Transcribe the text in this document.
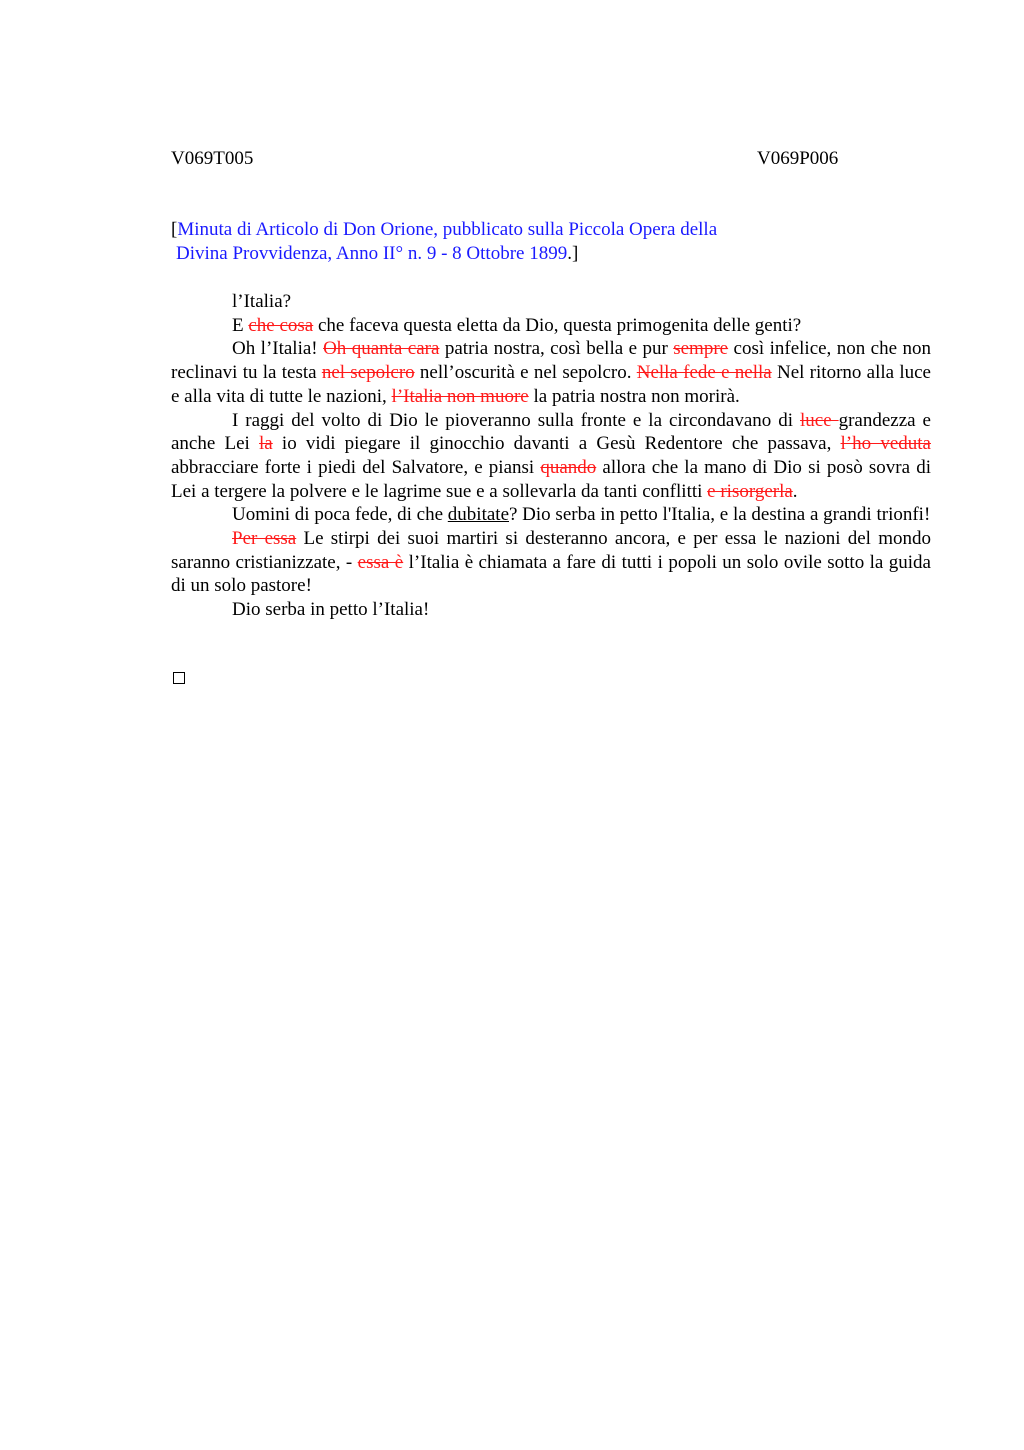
V069T005	V069P006
[Minuta di Articolo di Don Orione, pubblicato sulla Piccola Opera della
Divina Provvidenza, Anno II° n. 9 - 8 Ottobre 1899.]

l’Italia?

E che cosa che faceva questa eletta da Dio, questa primogenita delle genti?

Oh l’Italia! Oh quanta cara patria nostra, così bella e pur sempre così infelice, non che non reclinavi tu la testa nel sepolcro nell’oscurità e nel sepolcro. Nella fede e nella Nel ritorno alla luce e alla vita di tutte le nazioni, l’Italia non muore la patria nostra non morirà.

I raggi del volto di Dio le pioveranno sulla fronte e la circondavano di luce grandezza e anche Lei la io vidi piegare il ginocchio davanti a Gesù Redentore che passava, l’ho veduta abbracciare forte i piedi del Salvatore, e piansi quando allora che la mano di Dio si posò sovra di Lei a tergere la polvere e le lagrime sue e a sollevarla da tanti conflitti e risorgerla.

Uomini di poca fede, di che dubitate? Dio serba in petto l'Italia, e la destina a grandi trionfi!

Per essa Le stirpi dei suoi martiri si desteranno ancora, e per essa le nazioni del mondo saranno cristianizzate, - essa è l’Italia è chiamata a fare di tutti i popoli un solo ovile sotto la guida di un solo pastore!

Dio serba in petto l’Italia!
